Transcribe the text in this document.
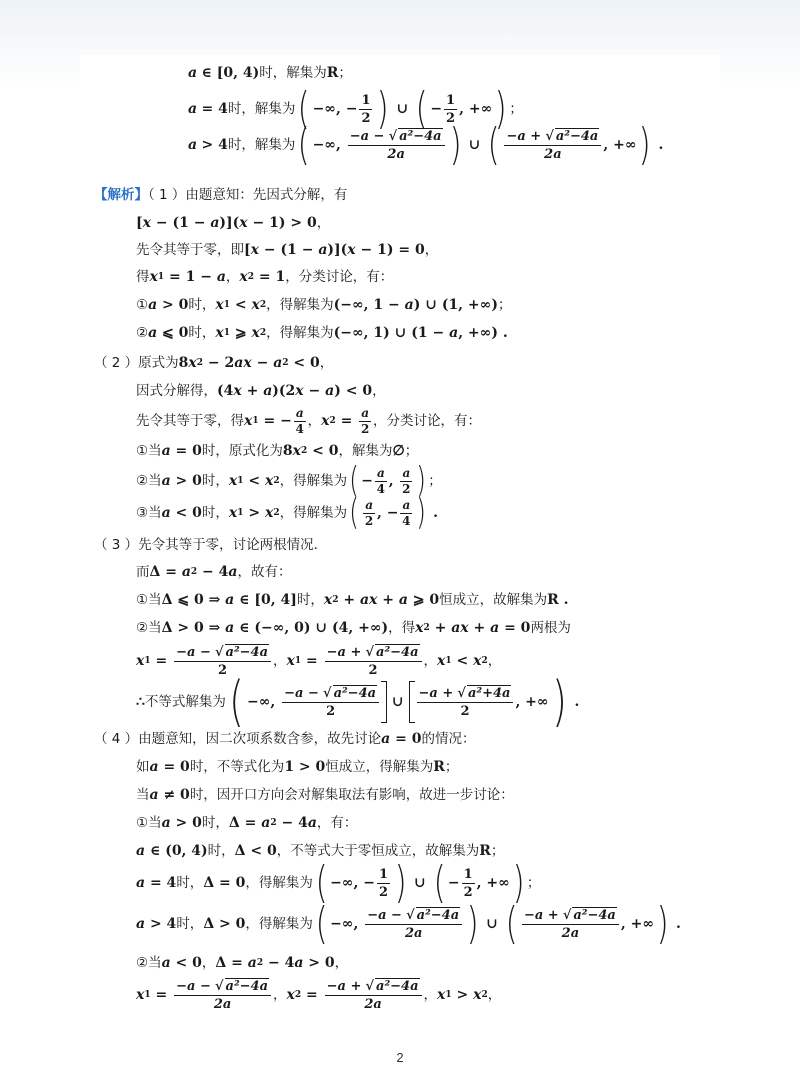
a ∈ [0, 4)时，解集为R；
a = 4时，解集为( −∞, − $\frac{1}{2}$ ) ∪ ( − $\frac{1}{2}$ , +∞) ；
a > 4时，解集为( −∞, $\frac{\text{−a − √ a²−4a}}{2a}$ ) ∪ ( $\frac{\text{−a + √ a²−4a}}{2a}$ , +∞) .
【解析】（ 1 ）由题意知：先因式分解，有
[x − (1 − a)](x − 1) > 0，
先令其等于零，即[x − (1 − a)](x − 1) = 0，
得x1 = 1 − a，x2 = 1，分类讨论，有：
①a > 0时，x1 < x2，得解集为(−∞, 1 − a) ∪ (1, +∞)；
②a ⩽ 0时，x1 ⩾ x2，得解集为(−∞, 1) ∪ (1 − a, +∞) .
（ 2 ）原式为8x2 − 2ax − a2 < 0，
因式分解得，(4x + a)(2x − a) < 0，
先令其等于零，得x1 = − $\frac{a}{4}$ ，$x2 = \frac{a}{2}$ ，分类讨论，有：
①当a = 0时，原式化为8x2 < 0，解集为∅；
②当a > 0时，x1 < x2，得解集为( − $\frac{a}{4}$ , $\frac{a}{2}$ ) ；
③当a < 0时，x1 > x2，得解集为( $\frac{a}{2}$ , − $\frac{a}{4}$ ) .
（ 3 ）先令其等于零，讨论两根情况．
而Δ = a2 − 4a，故有：
①当Δ ⩽ 0 ⇒ a ∈ [0, 4]时，x2 + ax + a ⩾ 0恒成立，故解集为R .
②当Δ > 0 ⇒ a ∈ (−∞, 0) ∪ (4, +∞)，得x2 + ax + a = 0两根为
$x1 = \frac{\text{−a − √ a²−4a}}{2}$ ，$x1 = \frac{\text{−a + √ a²−4a}}{2}$ ，x1 < x2，
∴不等式解集为( −∞, $\frac{\text{−a − √ a²−4a}}{2}$ ∪ $\frac{\text{−a + √ a²+4a}}{2}$ , +∞) .
（ 4 ）由题意知，因二次项系数含参，故先讨论a = 0的情况：
如a = 0时，不等式化为1 > 0恒成立，得解集为R；
当a ≠ 0时，因开口方向会对解集取法有影响，故进一步讨论：
①当a > 0时，Δ = a2 − 4a，有：
a ∈ (0, 4)时，Δ < 0，不等式大于零恒成立，故解集为R；
a = 4时，Δ = 0，得解集为( −∞, − $\frac{1}{2}$ ) ∪ ( − $\frac{1}{2}$ , +∞) ；
a > 4时，Δ > 0，得解集为( −∞, $\frac{\text{−a − √ a²−4a}}{2a}$ ) ∪ ( $\frac{\text{−a + √ a²−4a}}{2a}$ , +∞) .
②当a < 0，Δ = a2 − 4a > 0，
$x1 = \frac{\text{−a − √ a²−4a}}{2a}$ ，$x2 = \frac{\text{−a + √ a²−4a}}{2a}$ ，x1 > x2，
2
